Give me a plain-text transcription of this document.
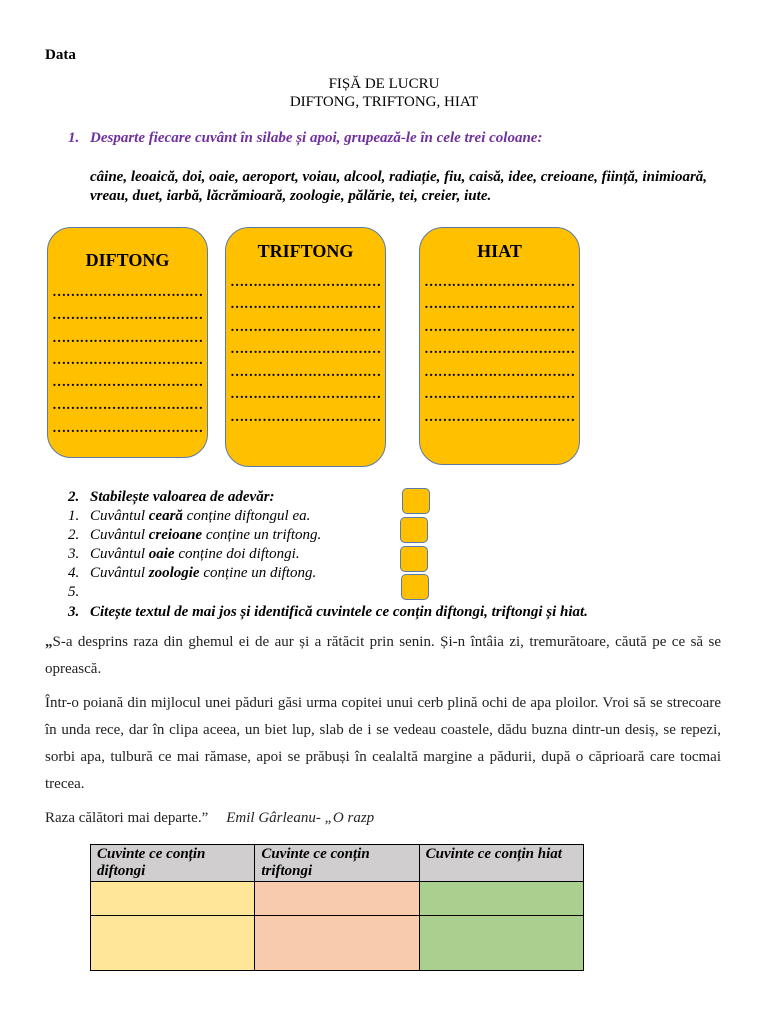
Data
FIȘĂ DE LUCRU
DIFTONG, TRIFTONG, HIAT
1. Desparte fiecare cuvânt în silabe și apoi, grupează-le în cele trei coloane:
câine, leoaică, doi, oaie, aeroport, voiau, alcool, radiație, fiu, caisă, idee, creioane, ființă, inimioară, vreau, duet, iarbă, lăcrămioară, zoologie, pălărie, tei, creier, iute.
DIFTONG
……………………………
……………………………
……………………………
……………………………
……………………………
……………………………
……………………………
TRIFTONG
……………………………
……………………………
……………………………
……………………………
……………………………
……………………………
……………………………
HIAT
……………………………
……………………………
……………………………
……………………………
……………………………
……………………………
……………………………
2. Stabilește valoarea de adevăr:
1. Cuvântul ceară conține diftongul ea.
2. Cuvântul creioane conține un triftong.
3. Cuvântul oaie conține doi diftongi.
4. Cuvântul zoologie conține un diftong.
5.
3. Citește textul de mai jos și identifică cuvintele ce conțin diftongi, triftongi și hiat.
„S-a desprins raza din ghemul ei de aur și a rătăcit prin senin. Și-n întâia zi, tremurătoare, căută pe ce să se oprească.
Într-o poiană din mijlocul unei păduri găsi urma copitei unui cerb plină ochi de apa ploilor. Vroi să se strecoare în unda rece, dar în clipa aceea, un biet lup, slab de i se vedeau coastele, dădu buzna dintr-un desiș, se repezi, sorbi apa, tulbură ce mai rămase, apoi se prăbuși în cealaltă margine a pădurii, după o căprioară care tocmai trecea.
Raza călători mai departe.” Emil Gârleanu- „O razp
Cuvinte ce conțin diftongi	Cuvinte ce conțin triftongi	Cuvinte ce conțin hiat
